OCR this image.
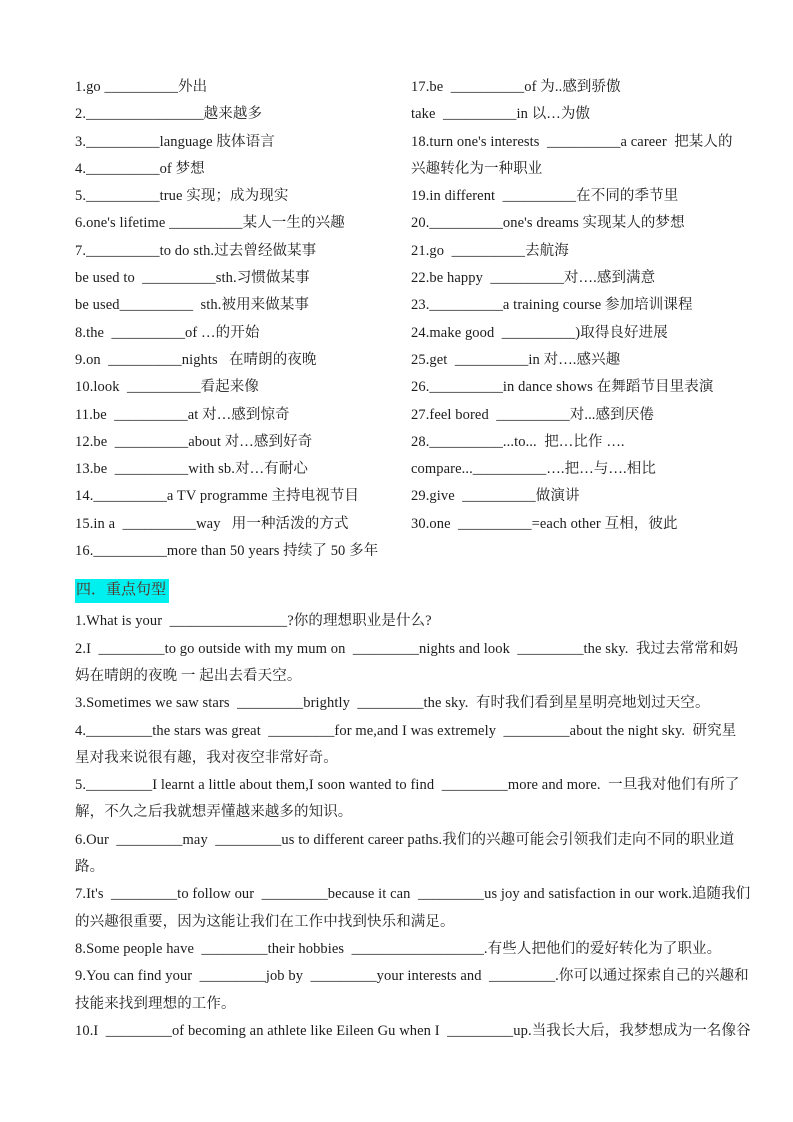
1.go __________外出
2.________________越来越多
3.__________language 肢体语言
4.__________of 梦想
5.__________true 实现；成为现实
6.one's lifetime __________某人一生的兴趣
7.__________to do sth.过去曾经做某事
be used to  __________sth.习惯做某事
be used__________  sth.被用来做某事
8.the  __________of …的开始
9.on  __________nights   在晴朗的夜晚
10.look  __________看起来像
11.be  __________at 对…感到惊奇
12.be  __________about 对…感到好奇
13.be  __________with sb.对…有耐心
14.__________a TV programme 主持电视节目
15.in a  __________way   用一种活泼的方式
16.__________more than 50 years 持续了 50 多年
17.be  __________of 为..感到骄傲
take  __________in 以…为傲
18.turn one's interests  __________a career  把某人的
兴趣转化为一种职业
19.in different  __________在不同的季节里
20.__________one's dreams 实现某人的梦想
21.go  __________去航海
22.be happy  __________对….感到满意
23.__________a training course 参加培训课程
24.make good  __________)取得良好进展
25.get  __________in 对….感兴趣
26.__________in dance shows 在舞蹈节目里表演
27.feel bored  __________对...感到厌倦
28.__________...to...  把…比作 ….
compare...__________….把…与….相比
29.give  __________做演讲
30.one  __________=each other 互相，彼此
四．重点句型
1.What is your  ________________?你的理想职业是什么?
2.I  _________to go outside with my mum on  _________nights and look  _________the sky.  我过去常常和妈
妈在晴朗的夜晚 一 起出去看天空。
3.Sometimes we saw stars  _________brightly  _________the sky.  有时我们看到星星明亮地划过天空。
4._________the stars was great  _________for me,and I was extremely  _________about the night sky.  研究星
星对我来说很有趣，我对夜空非常好奇。
5._________I learnt a little about them,I soon wanted to find  _________more and more.  一旦我对他们有所了
解，不久之后我就想弄懂越来越多的知识。
6.Our  _________may  _________us to different career paths.我们的兴趣可能会引领我们走向不同的职业道
路。
7.It's  _________to follow our  _________because it can  _________us joy and satisfaction in our work.追随我们
的兴趣很重要，因为这能让我们在工作中找到快乐和满足。
8.Some people have  _________their hobbies  __________________.有些人把他们的爱好转化为了职业。
9.You can find your  _________job by  _________your interests and  _________.你可以通过探索自己的兴趣和
技能来找到理想的工作。
10.I  _________of becoming an athlete like Eileen Gu when I  _________up.当我长大后，我梦想成为一名像谷
